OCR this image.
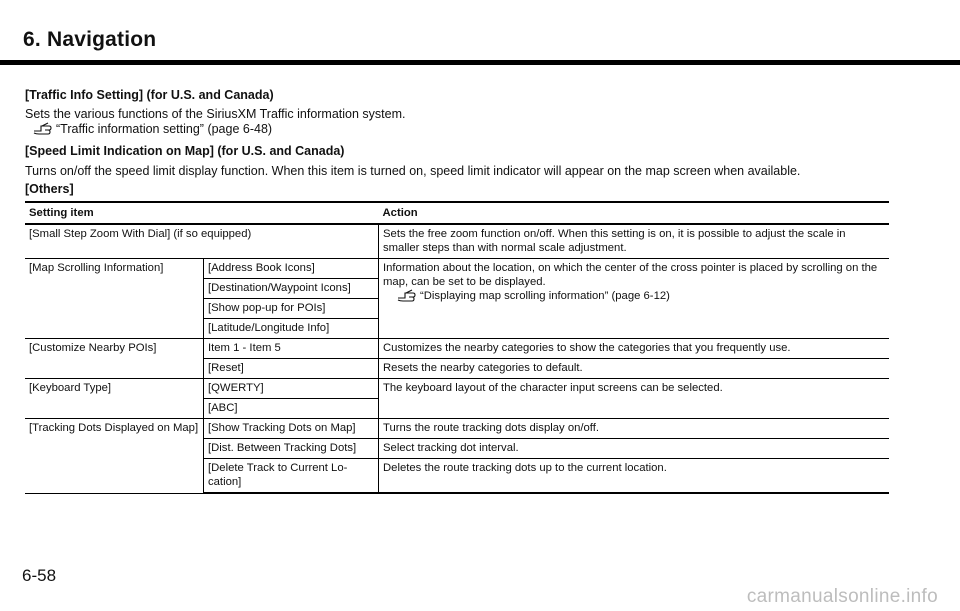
6. Navigation
[Traffic Info Setting] (for U.S. and Canada)
Sets the various functions of the SiriusXM Traffic information system.
“Traffic information setting” (page 6-48)
[Speed Limit Indication on Map] (for U.S. and Canada)
Turns on/off the speed limit display function. When this item is turned on, speed limit indicator will appear on the map screen when available.
[Others]
Setting item		Action
[Small Step Zoom With Dial] (if so equipped)		Sets the free zoom function on/off. When this setting is on, it is possible to adjust the scale in smaller steps than with normal scale adjustment.
[Map Scrolling Information]	[Address Book Icons]	Information about the location, on which the center of the cross pointer is placed by scrolling on the map, can be set to be displayed.
“Displaying map scrolling information” (page 6-12)

	[Destination/Waypoint Icons]	
	[Show pop-up for POIs]	
	[Latitude/Longitude Info]	
[Customize Nearby POIs]	Item 1 - Item 5	Customizes the nearby categories to show the categories that you frequently use.
	[Reset]	Resets the nearby categories to default.
[Keyboard Type]	[QWERTY]	The keyboard layout of the character input screens can be selected.
	[ABC]	
[Tracking Dots Displayed on Map]	[Show Tracking Dots on Map]	Turns the route tracking dots display on/off.
	[Dist. Between Tracking Dots]	Select tracking dot interval.
	[Delete Track to Current Lo-cation]	Deletes the route tracking dots up to the current location.
6-58
carmanualsonline.info
